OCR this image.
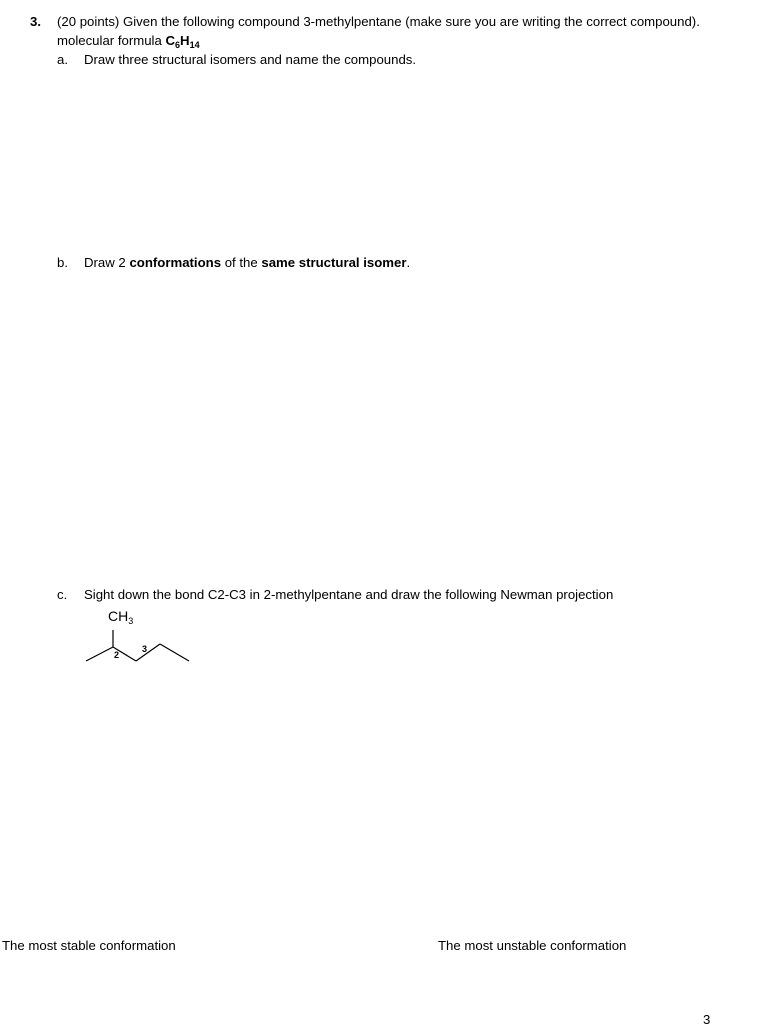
3. (20 points) Given the following compound 3-methylpentane (make sure you are writing the correct compound).
molecular formula $C_6H_{14}$
a. Draw three structural isomers and name the compounds.
b. Draw 2 conformations of the same structural isomer.
c. Sight down the bond C2-C3 in 2-methylpentane and draw the following Newman projection
$CH_3$
2
3
The most stable conformation	The most unstable conformation
3
